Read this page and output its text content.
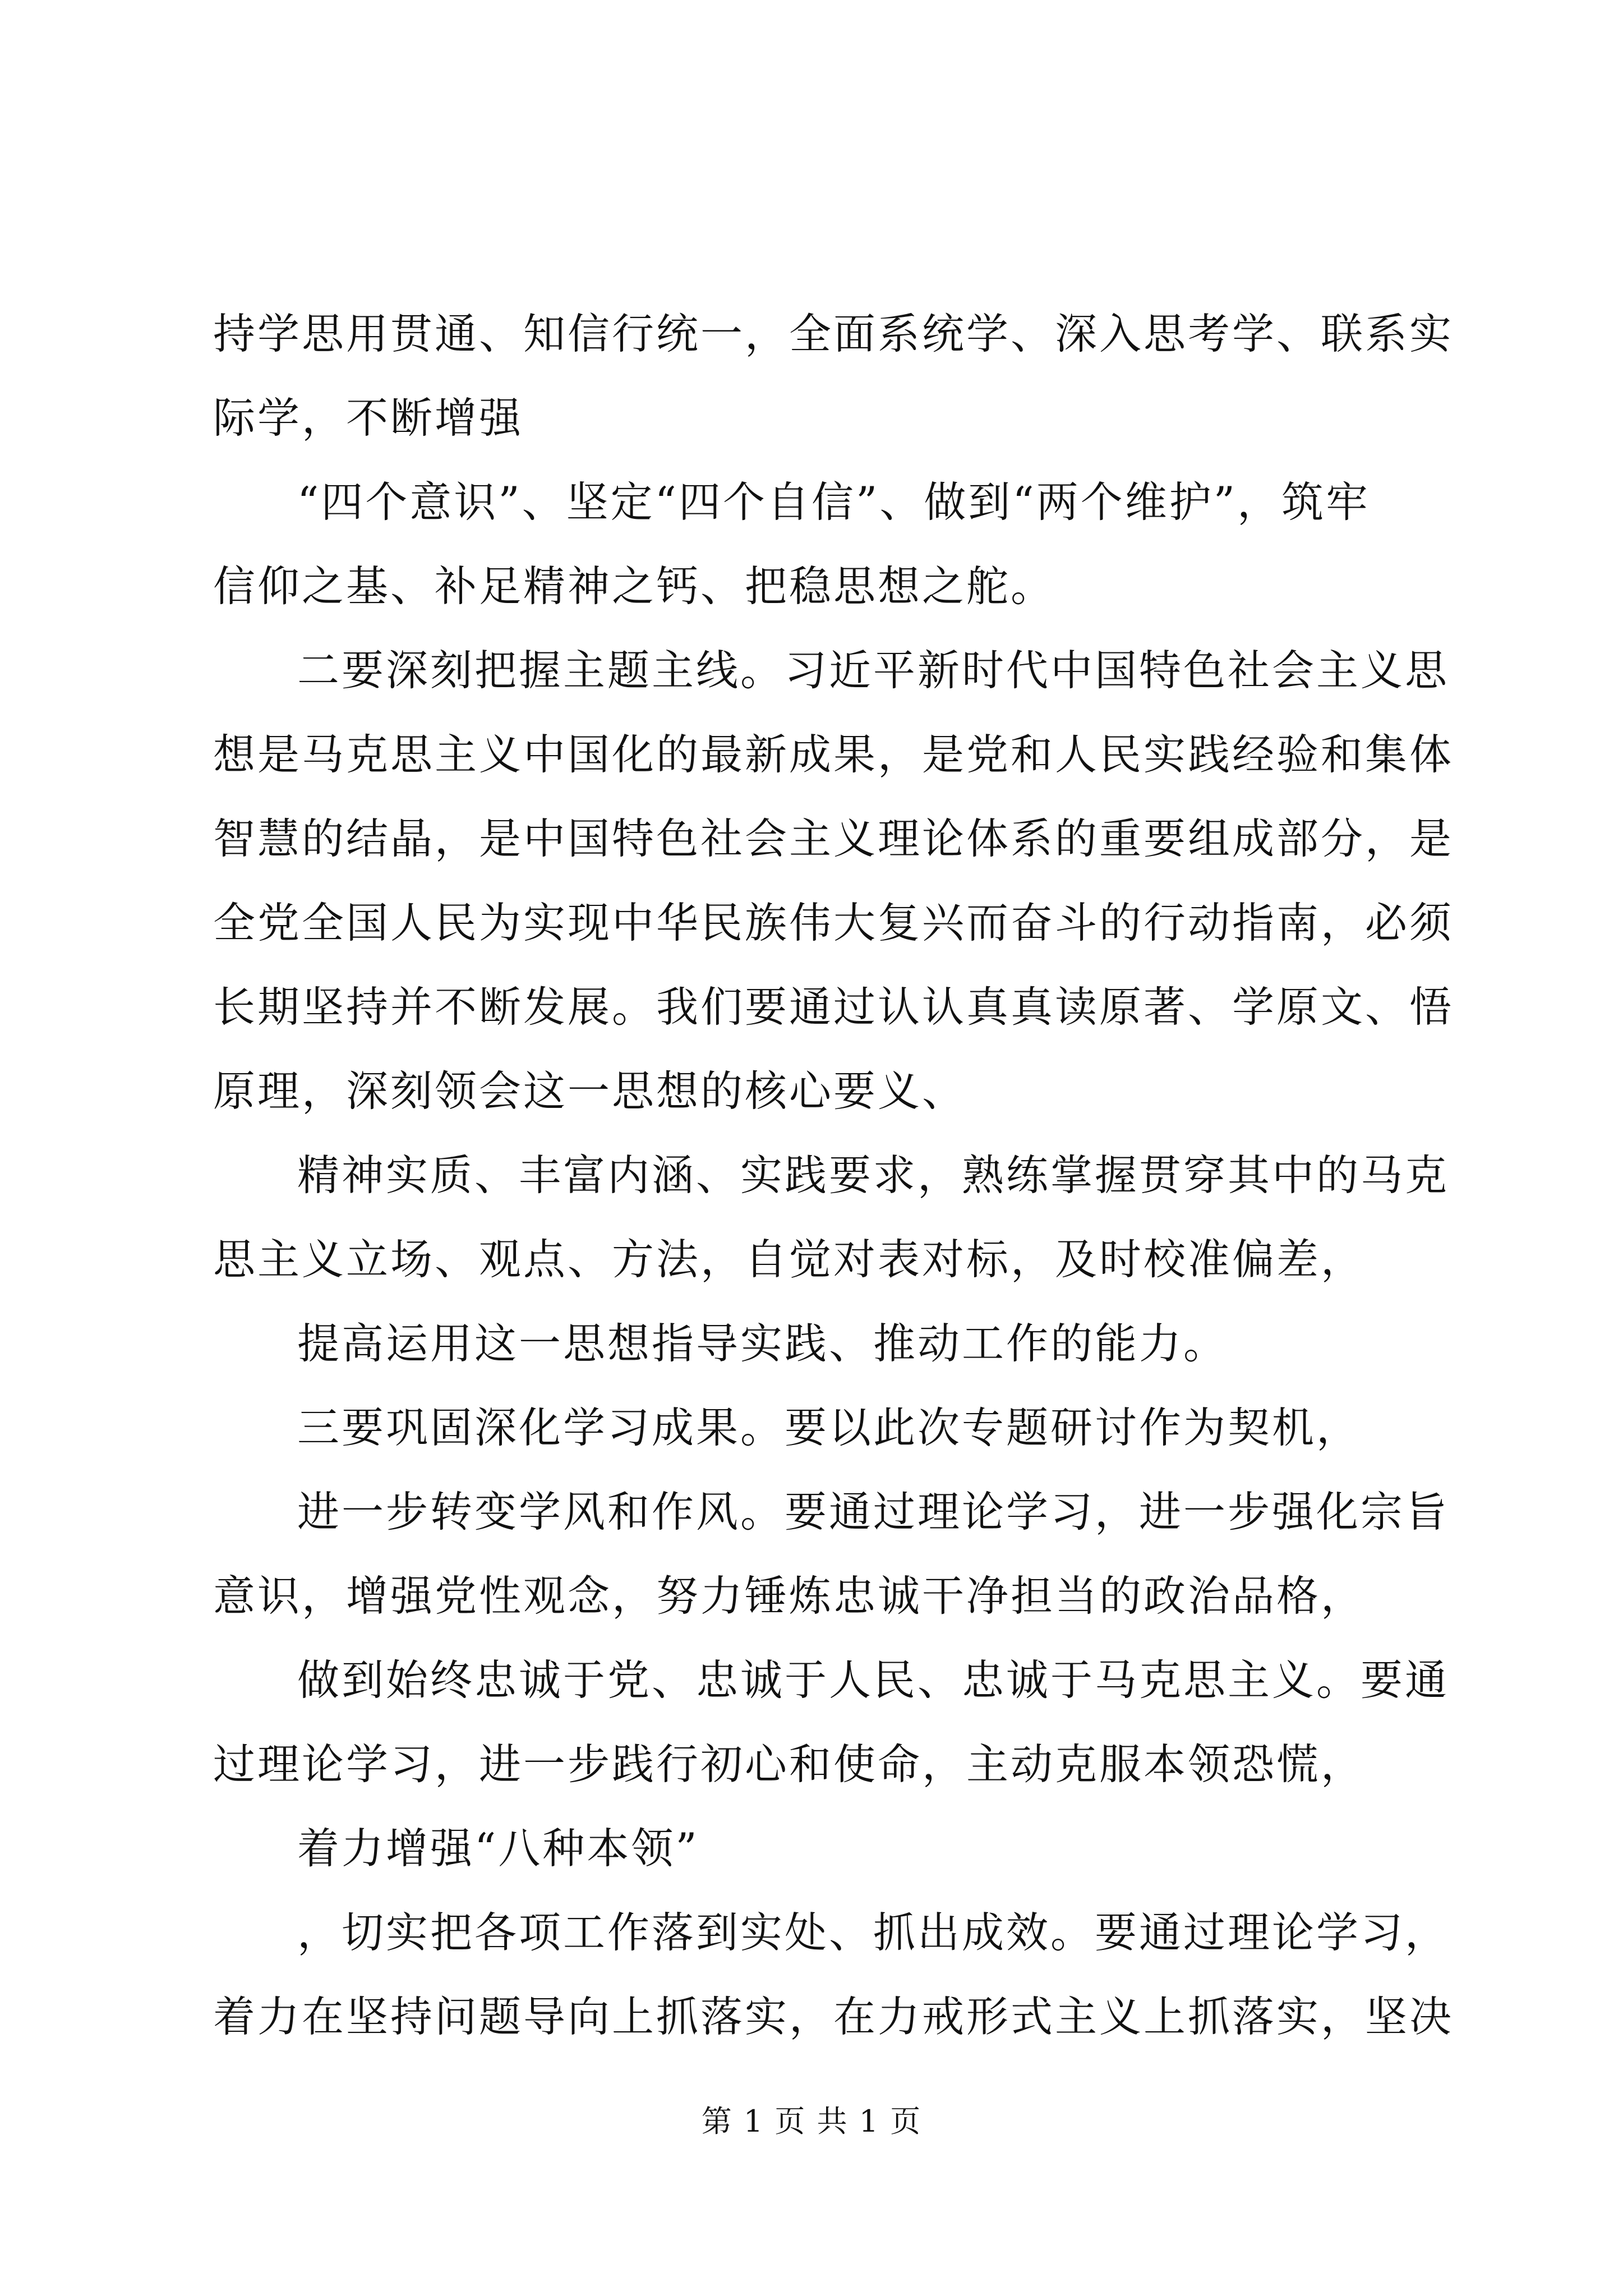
持学思用贯通、知信行统一，全面系统学、深入思考学、联系实
际学，不断增强
“四个意识”、坚定“四个自信”、做到“两个维护”，筑牢
信仰之基、补足精神之钙、把稳思想之舵。
二要深刻把握主题主线。习近平新时代中国特色社会主义思
想是马克思主义中国化的最新成果，是党和人民实践经验和集体
智慧的结晶，是中国特色社会主义理论体系的重要组成部分，是
全党全国人民为实现中华民族伟大复兴而奋斗的行动指南，必须
长期坚持并不断发展。我们要通过认认真真读原著、学原文、悟
原理，深刻领会这一思想的核心要义、
精神实质、丰富内涵、实践要求，熟练掌握贯穿其中的马克
思主义立场、观点、方法，自觉对表对标，及时校准偏差，
提高运用这一思想指导实践、推动工作的能力。
三要巩固深化学习成果。要以此次专题研讨作为契机，
进一步转变学风和作风。要通过理论学习，进一步强化宗旨
意识，增强党性观念，努力锤炼忠诚干净担当的政治品格，
做到始终忠诚于党、忠诚于人民、忠诚于马克思主义。要通
过理论学习，进一步践行初心和使命，主动克服本领恐慌，
着力增强“八种本领”
，切实把各项工作落到实处、抓出成效。要通过理论学习，
着力在坚持问题导向上抓落实，在力戒形式主义上抓落实，坚决
第 1 页 共 1 页
